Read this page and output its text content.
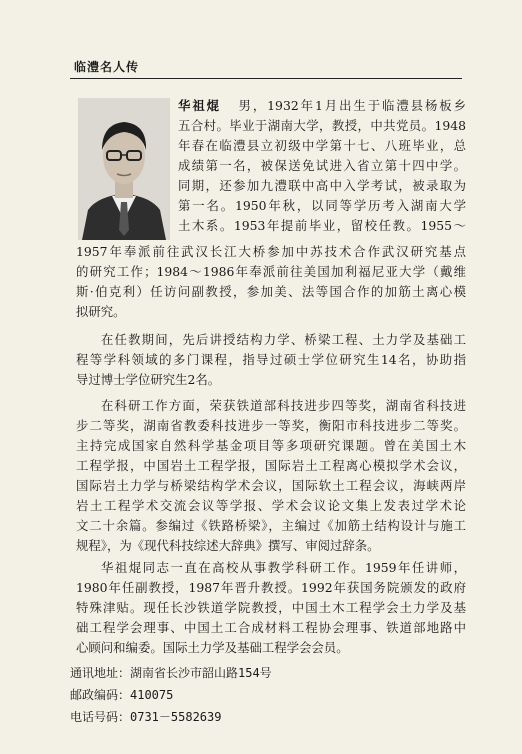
临澧名人传
华祖焜 男，1932年1月出生于临澧县杨板乡
五合村。毕业于湖南大学，教授，中共党员。1948
年春在临澧县立初级中学第十七、八班毕业，总
成绩第一名，被保送免试进入省立第十四中学。
同期，还参加九澧联中高中入学考试，被录取为
第一名。1950年秋，以同等学历考入湖南大学
土木系。1953年提前毕业，留校任教。1955～
1957年奉派前往武汉长江大桥参加中苏技术合作武汉研究基点
的研究工作；1984～1986年奉派前往美国加利福尼亚大学（戴维
斯·伯克利）任访问副教授，参加美、法等国合作的加筋土离心模
拟研究。
在任教期间，先后讲授结构力学、桥梁工程、土力学及基础工
程等学科领域的多门课程，指导过硕士学位研究生14名，协助指
导过博士学位研究生2名。
在科研工作方面，荣获铁道部科技进步四等奖，湖南省科技进
步二等奖，湖南省教委科技进步一等奖，衡阳市科技进步二等奖。
主持完成国家自然科学基金项目等多项研究课题。曾在美国土木
工程学报，中国岩土工程学报，国际岩土工程离心模拟学术会议，
国际岩土力学与桥梁结构学术会议，国际软土工程会议，海峡两岸
岩土工程学术交流会议等学报、学术会议论文集上发表过学术论
文二十余篇。参编过《铁路桥梁》，主编过《加筋土结构设计与施工
规程》，为《现代科技综述大辞典》撰写、审阅过辞条。
华祖焜同志一直在高校从事教学科研工作。1959年任讲师，
1980年任副教授，1987年晋升教授。1992年获国务院颁发的政府
特殊津贴。现任长沙铁道学院教授，中国土木工程学会土力学及基
础工程学会理事、中国土工合成材料工程协会理事、铁道部地路中
心顾问和编委。国际土力学及基础工程学会会员。
通讯地址：湖南省长沙市韶山路154号
邮政编码：410075
电话号码：0731－5582639
